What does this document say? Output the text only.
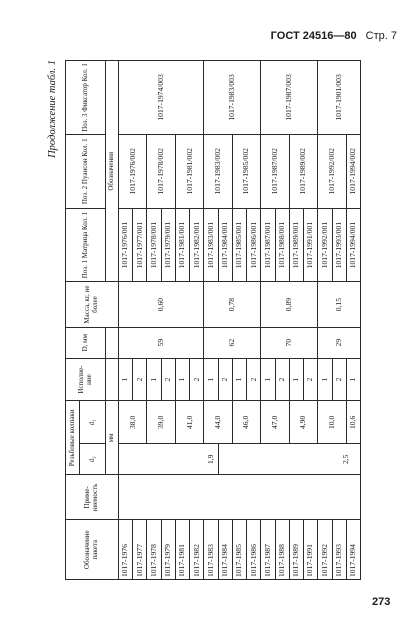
ГОСТ 24516—80 Стр. 7
Продолжение табл. 1
Обозначение пакета	Приме-няемость	Резьбовые колпаки		Исполне-ние	D, мм	Масса, кг, не более	Поз. 1 Матрица Кол. 1	Поз. 2 Пуансон Кол. 1	Поз. 3 Фиксатор Кол. 1
		d₂	d₁						
		мм					Обозначения		
1017-1976			38,0	1	59	0,60	1017-1976/001	1017-1976/002	1017-1974/003
1017-1977				2			1017-1977/001		
1017-1978			39,0	1			1017-1978/001	1017-1978/002	
1017-1979				2			1017-1979/001		
1017-1981			41,0	1			1017-1981/001	1017-1981/002	
1017-1982				2			1017-1982/001		
1017-1983		1,9	44,0	1	62	0,78	1017-1983/001	1017-1983/002	1017-1983/003
1017-1984				2			1017-1984/001		
1017-1985			46,0	1			1017-1985/001	1017-1985/002	
1017-1986				2			1017-1986/001		
1017-1987			47,0	1	70	0,89	1017-1987/001	1017-1987/002	1017-1987/003
1017-1988				2			1017-1988/001		
1017-1989			4,90	1			1017-1989/001	1017-1989/002	
1017-1991				2			1017-1991/001		
1017-1992			10,0	1	29	0,15	1017-1992/001	1017-1992/002	1017-1901/003
1017-1993		2,5		2			1017-1993/001		
1017-1994			10,6	1			1017-1994/001	1017-1994/002	
273
